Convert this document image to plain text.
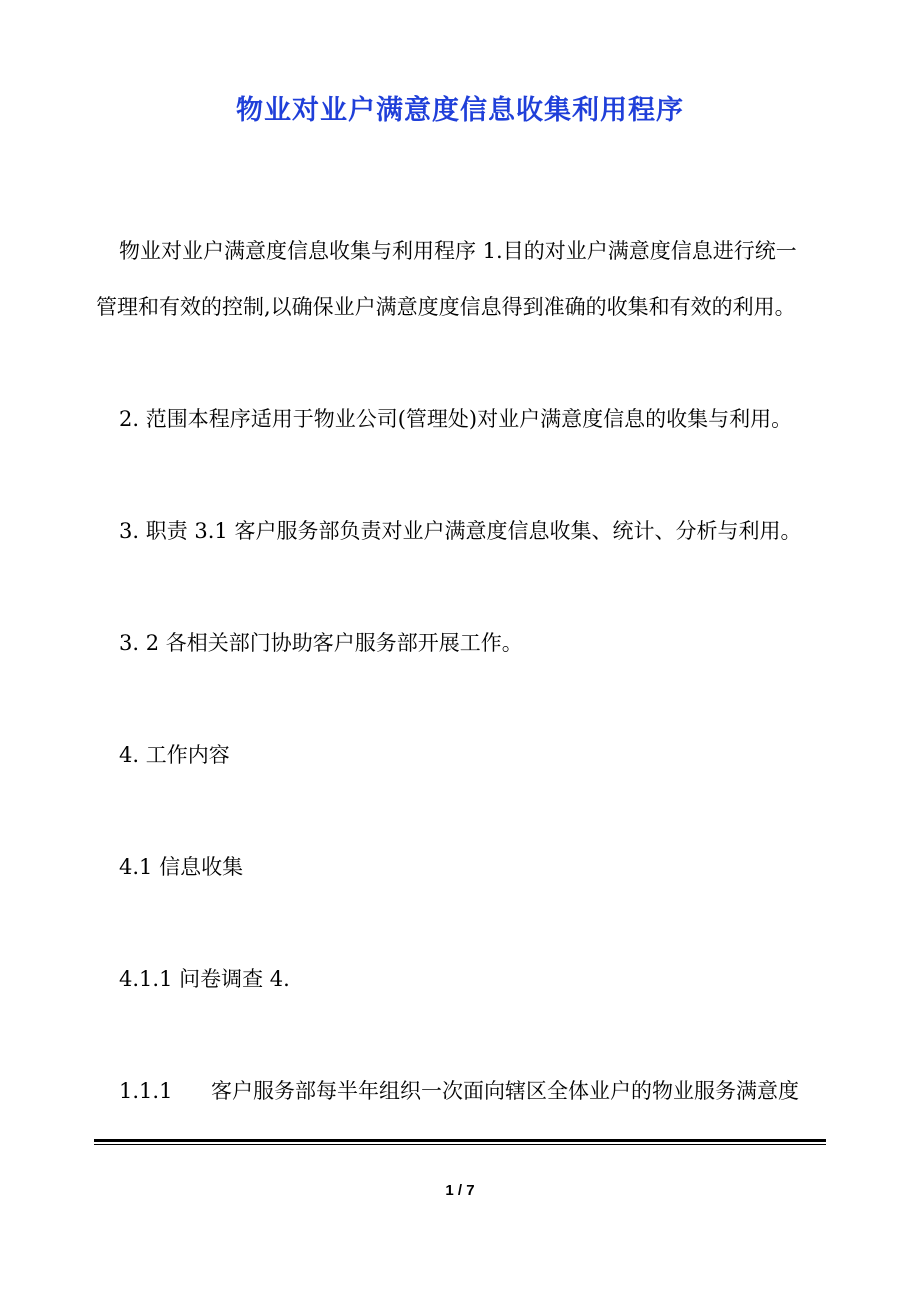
物业对业户满意度信息收集利用程序
物业对业户满意度信息收集与利用程序 1.目的对业户满意度信息进行统一
管理和有效的控制,以确保业户满意度度信息得到准确的收集和有效的利用。
2. 范围本程序适用于物业公司(管理处)对业户满意度信息的收集与利用。
3. 职责 3.1 客户服务部负责对业户满意度信息收集、统计、分析与利用。
3. 2 各相关部门协助客户服务部开展工作。
4. 工作内容
4.1 信息收集
4.1.1 问卷调查 4.
1.1.1 客户服务部每半年组织一次面向辖区全体业户的物业服务满意度
1 / 7
